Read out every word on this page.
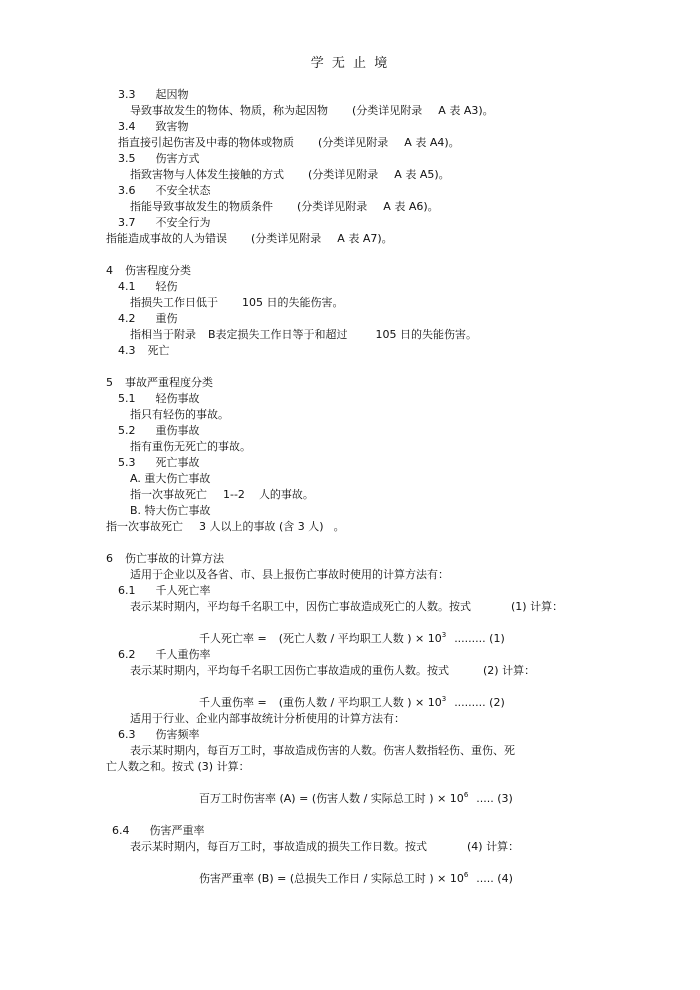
学 无 止 境
3.3 起因物
导致事故发生的物体、物质，称为起因物 (分类详见附录 A 表 A3)。
3.4 致害物
指直接引起伤害及中毒的物体或物质 (分类详见附录 A 表 A4)。
3.5 伤害方式
指致害物与人体发生接触的方式 (分类详见附录 A 表 A5)。
3.6 不安全状态
指能导致事故发生的物质条件 (分类详见附录 A 表 A6)。
3.7 不安全行为
指能造成事故的人为错误 (分类详见附录 A 表 A7)。
4 伤害程度分类
4.1 轻伤
指损失工作日低于 105 日的失能伤害。
4.2 重伤
指相当于附录 B表定损失工作日等于和超过	105 日的失能伤害。
4.3 死亡
5 事故严重程度分类
5.1 轻伤事故
指只有轻伤的事故。
5.2 重伤事故
指有重伤无死亡的事故。
5.3 死亡事故
A. 重大伤亡事故
指一次事故死亡 1--2 人的事故。
B. 特大伤亡事故
指一次事故死亡 3 人以上的事故 (含 3 人) 。
6 伤亡事故的计算方法
适用于企业以及各省、市、县上报伤亡事故时使用的计算方法有：
6.1 千人死亡率
表示某时期内，平均每千名职工中，因伤亡事故造成死亡的人数。按式	(1) 计算：
千人死亡率 = (死亡人数 / 平均职工人数 ) × $10^3$ ......... (1)
6.2 千人重伤率
表示某时期内，平均每千名职工因伤亡事故造成的重伤人数。按式	(2) 计算：
千人重伤率 = (重伤人数 / 平均职工人数 ) × $10^3$ ......... (2)
适用于行业、企业内部事故统计分析使用的计算方法有：
6.3 伤害频率
表示某时期内，每百万工时，事故造成伤害的人数。伤害人数指轻伤、重伤、死
亡人数之和。按式 (3) 计算：
百万工时伤害率 (A) = (伤害人数 / 实际总工时 ) × $10^6$ ..... (3)
6.4 伤害严重率
表示某时期内，每百万工时，事故造成的损失工作日数。按式	(4) 计算：
伤害严重率 (B) = (总损失工作日 / 实际总工时 ) × $10^6$ ..... (4)
